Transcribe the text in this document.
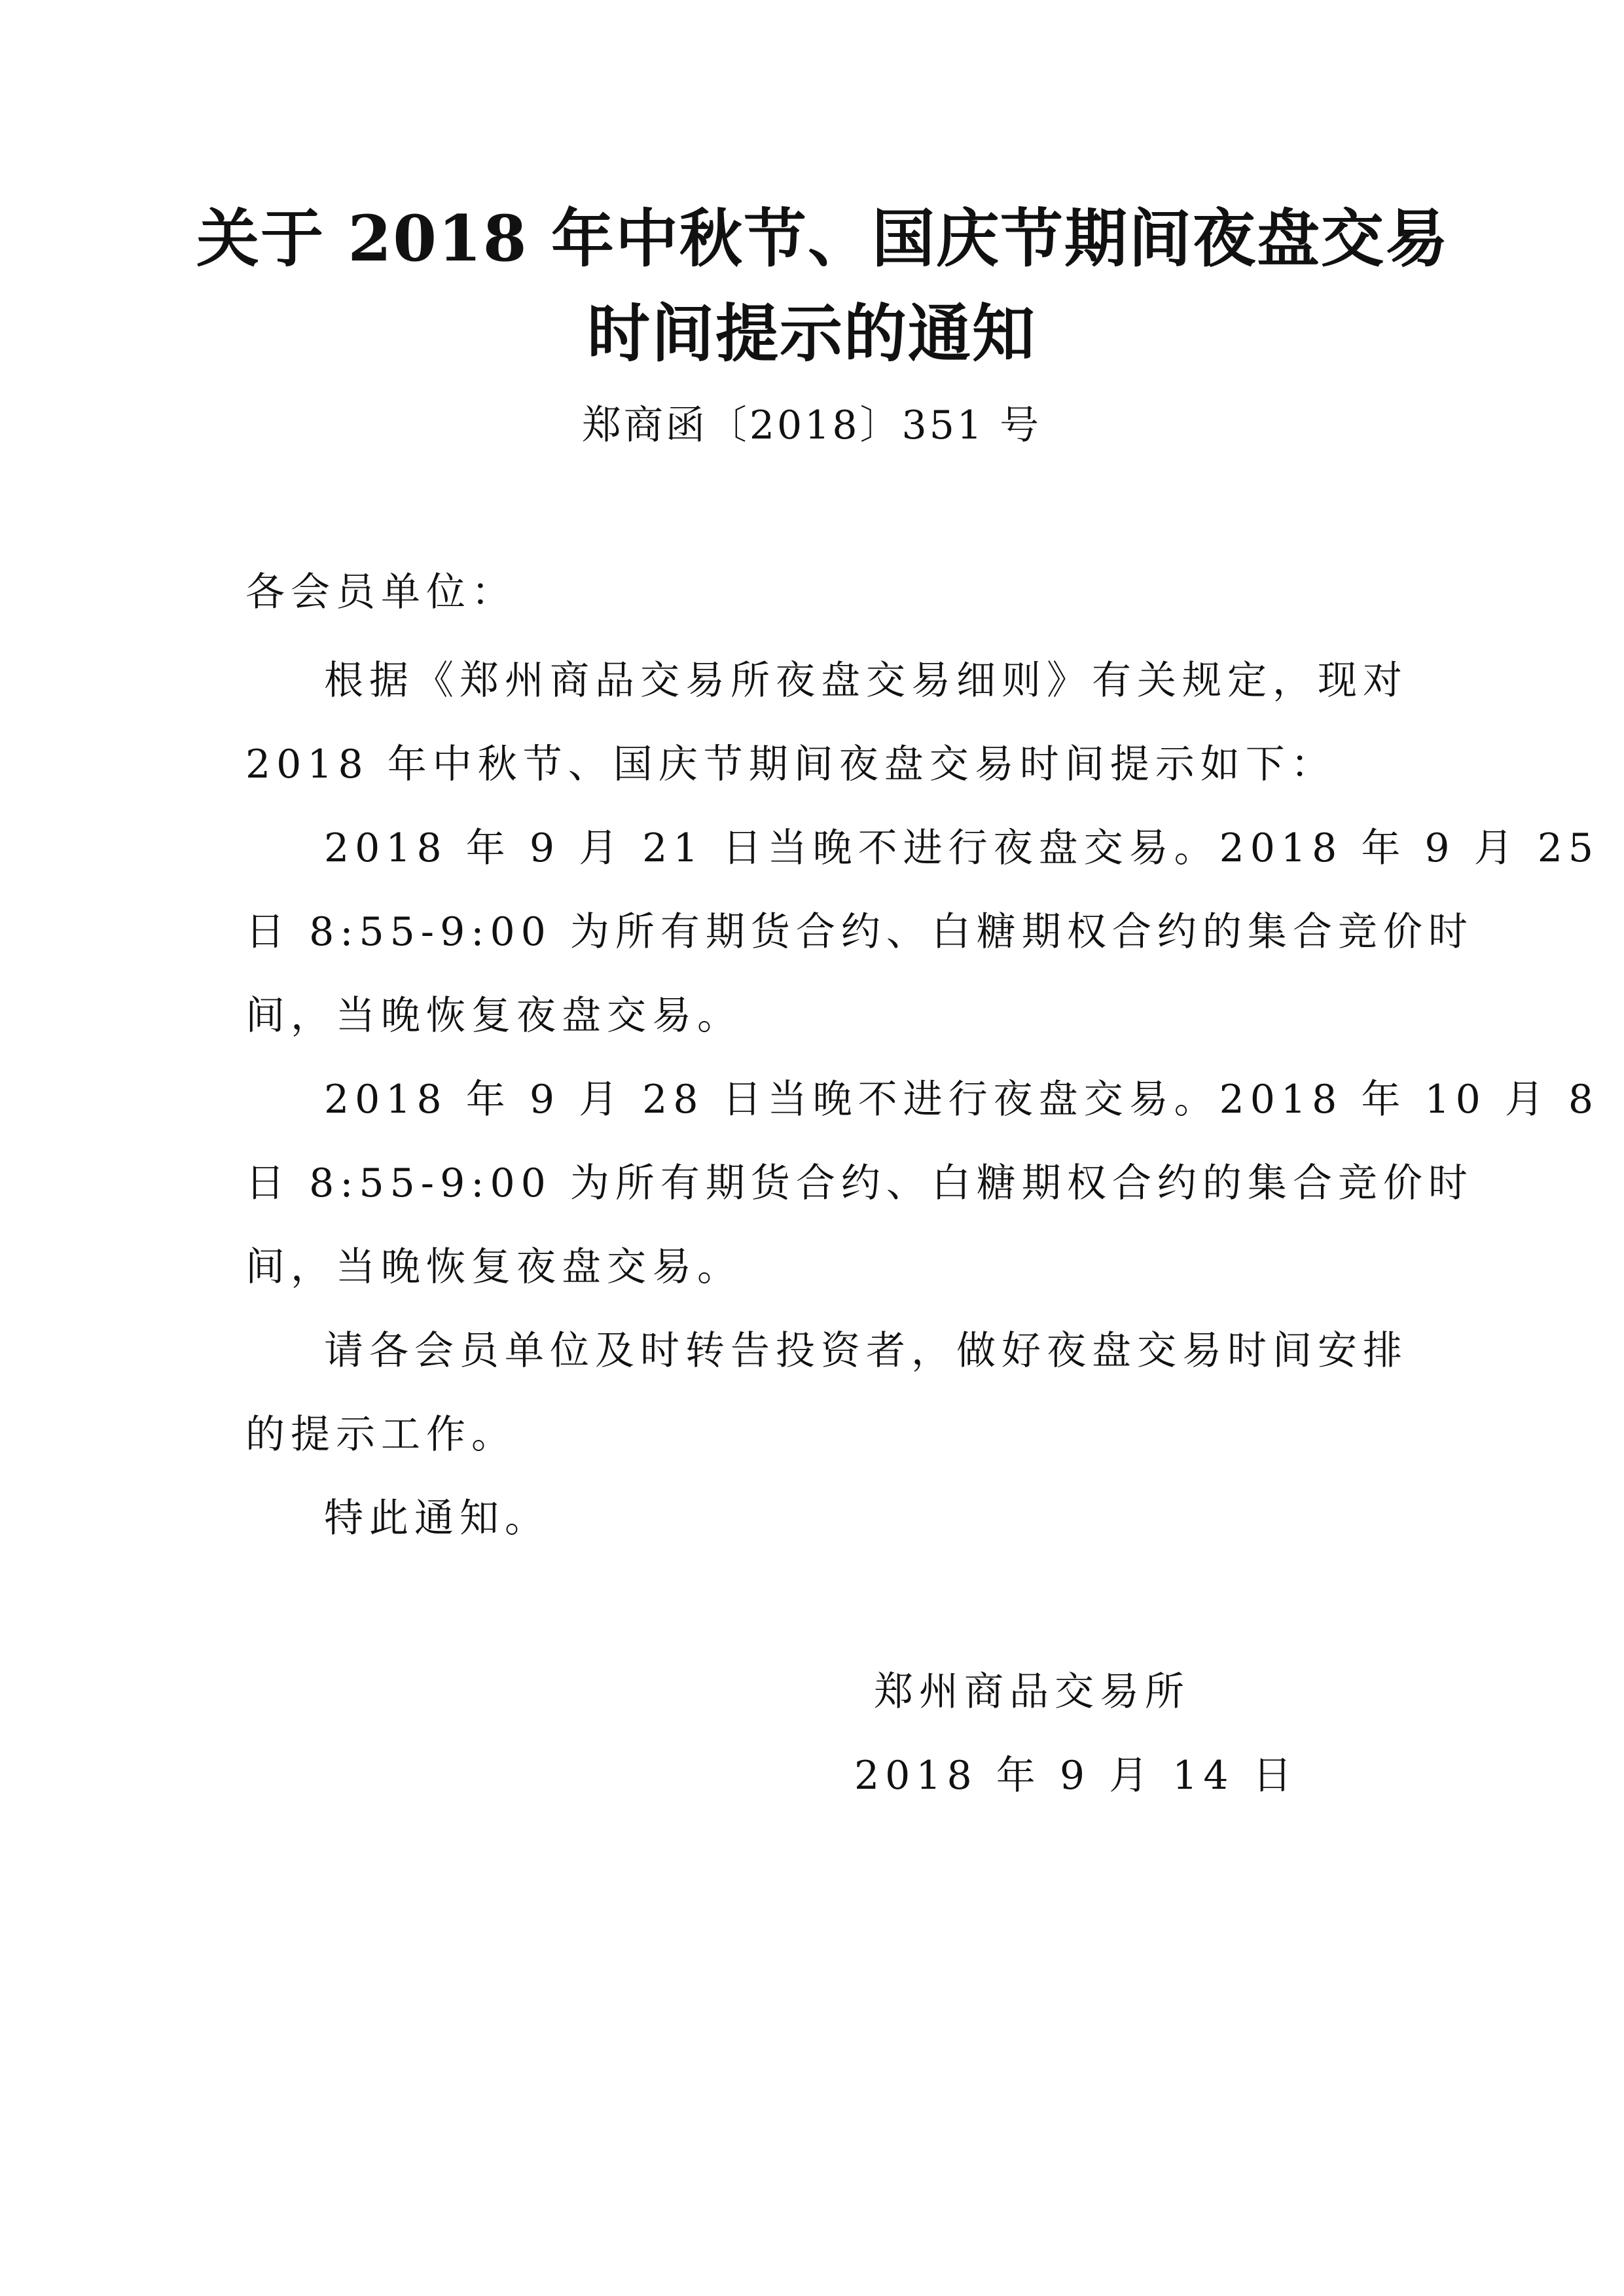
关于 2018 年中秋节、国庆节期间夜盘交易
时间提示的通知
郑商函〔2018〕351 号
各会员单位：
根据《郑州商品交易所夜盘交易细则》有关规定，现对
2018 年中秋节、国庆节期间夜盘交易时间提示如下：
2018 年 9 月 21 日当晚不进行夜盘交易。2018 年 9 月 25
日 8:55-9:00 为所有期货合约、白糖期权合约的集合竞价时
间，当晚恢复夜盘交易。
2018 年 9 月 28 日当晚不进行夜盘交易。2018 年 10 月 8
日 8:55-9:00 为所有期货合约、白糖期权合约的集合竞价时
间，当晚恢复夜盘交易。
请各会员单位及时转告投资者，做好夜盘交易时间安排
的提示工作。
特此通知。
郑州商品交易所
2018 年 9 月 14 日
